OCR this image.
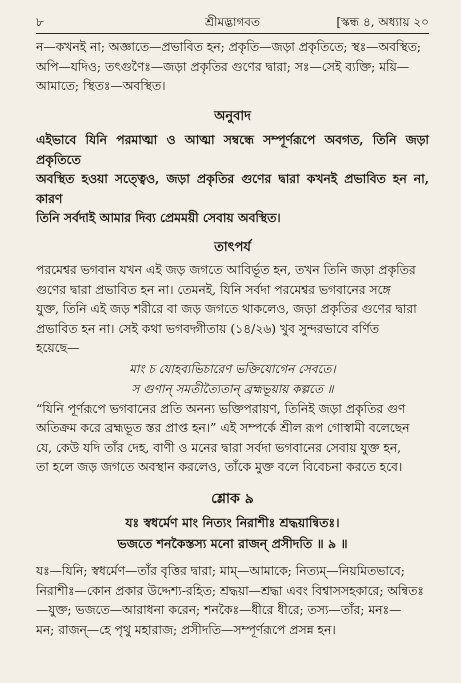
৮	শ্রীমদ্ভাগবত	[স্কন্ধ ৪, অধ্যায় ২০

ন—কখনই না; অজ্ঞাতে—প্রভাবিত হন; প্রকৃতি—জড়া প্রকৃতিতে; স্থঃ—অবস্থিত;

অপি—যদিও; তৎগুণৈঃ—জড়া প্রকৃতির গুণের দ্বারা; সঃ—সেই ব্যক্তি; ময়ি—

আমাতে; স্থিতঃ—অবস্থিত।

অনুবাদ

এইভাবে যিনি পরমাত্মা ও আত্মা সম্বন্ধে সম্পূর্ণরূপে অবগত, তিনি জড়া প্রকৃতিতে

অবস্থিত হওয়া সত্ত্বেও, জড়া প্রকৃতির গুণের দ্বারা কখনই প্রভাবিত হন না, কারণ

তিনি সর্বদাই আমার দিব্য প্রেমময়ী সেবায় অবস্থিত।

তাৎপর্য

পরমেশ্বর ভগবান যখন এই জড় জগতে আবির্ভূত হন, তখন তিনি জড়া প্রকৃতির

গুণের দ্বারা প্রভাবিত হন না। তেমনই, যিনি সর্বদা পরমেশ্বর ভগবানের সঙ্গে

যুক্ত, তিনি এই জড় শরীরে বা জড় জগতে থাকলেও, জড়া প্রকৃতির গুণের দ্বারা

প্রভাবিত হন না। সেই কথা ভগবদ্গীতায় (১৪/২৬) খুব সুন্দরভাবে বর্ণিত

হয়েছে—

মাং চ যোহব্যভিচারেণ ভক্তিযোগেন সেবতে।
স গুণান্ সমতীত্যৈতান্ ব্রহ্মভূয়ায় কল্পতে ॥

“যিনি পূর্ণরূপে ভগবানের প্রতি অনন্য ভক্তিপরায়ণ, তিনিই জড়া প্রকৃতির গুণ

অতিক্রম করে ব্রহ্মভূত স্তর প্রাপ্ত হন।” এই সম্পর্কে শ্রীল রূপ গোস্বামী বলেছেন

যে, কেউ যদি তাঁর দেহ, বাণী ও মনের দ্বারা সর্বদা ভগবানের সেবায় যুক্ত হন,

তা হলে জড় জগতে অবস্থান করলেও, তাঁকে মুক্ত বলে বিবেচনা করতে হবে।

শ্লোক ৯
যঃ স্বধর্মেণ মাং নিত্যং নিরাশীঃ শ্রদ্ধয়ান্বিতঃ।
ভজতে শনকৈস্তস্য মনো রাজন্ প্রসীদতি ॥ ৯ ॥

যঃ—যিনি; স্বধর্মেণ—তাঁর বৃত্তির দ্বারা; মাম্—আমাকে; নিত্যম্—নিয়মিতভাবে;

নিরাশীঃ—কোন প্রকার উদ্দেশ্য-রহিত; শ্রদ্ধয়া—শ্রদ্ধা এবং বিশ্বাসসহকারে; অন্বিতঃ

—যুক্ত; ভজতে—আরাধনা করেন; শনকৈঃ—ধীরে ধীরে; তস্য—তাঁর; মনঃ—

মন; রাজন্—হে পৃথু মহারাজ; প্রসীদতি—সম্পূর্ণরূপে প্রসন্ন হন।
